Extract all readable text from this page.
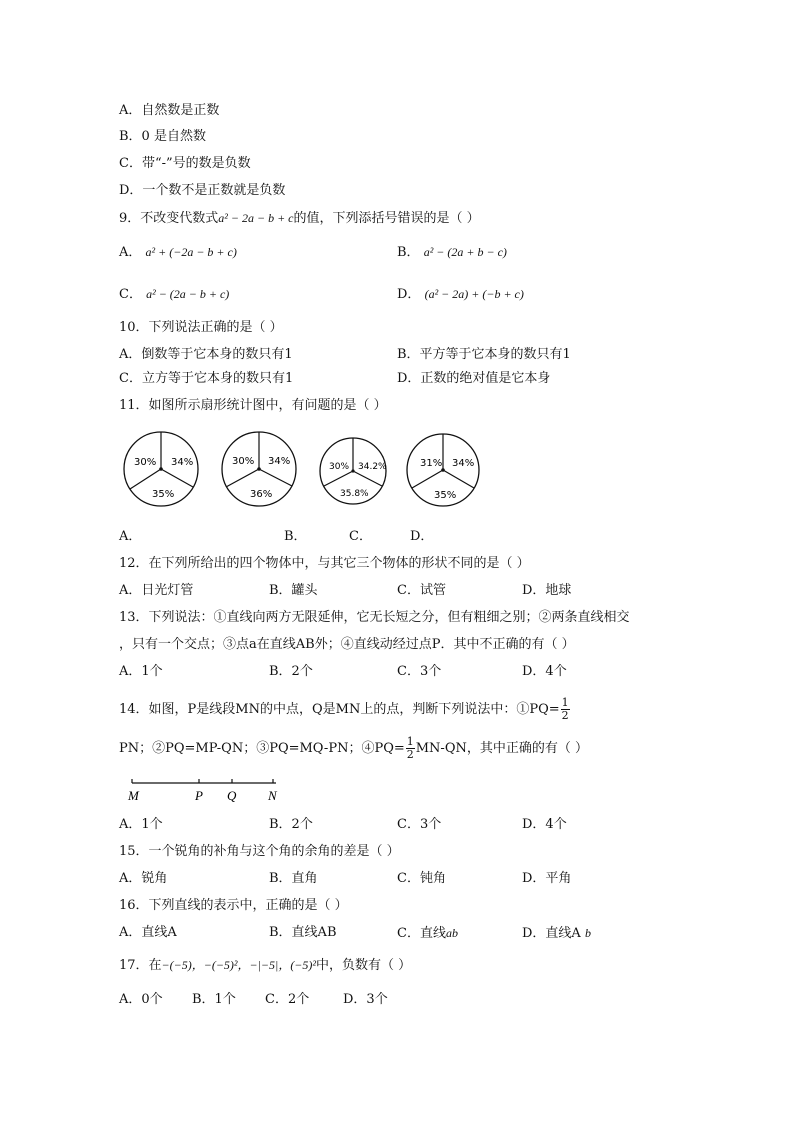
A．自然数是正数
B．0 是自然数
C．带“-”号的数是负数
D．一个数不是正数就是负数
9．不改变代数式a² − 2a − b + c的值，下列添括号错误的是（ ）
A． a² + (−2a − b + c)	B． a² − (2a + b − c)
C． a² − (2a − b + c)	D． (a² − 2a) + (−b + c)
10．下列说法正确的是（ ）
A．倒数等于它本身的数只有1	B．平方等于它本身的数只有1
C．立方等于它本身的数只有1	D．正数的绝对值是它本身
11．如图所示扇形统计图中，有问题的是（ ）
30% 34%
35%
30% 34%
36%
30% 34.2%
35.8%
31% 34%
35%
A．	B．	C．	D．
12．在下列所给出的四个物体中，与其它三个物体的形状不同的是（ ）
A．日光灯管	B．罐头	C．试管	D．地球
13．下列说法：①直线向两方无限延伸，它无长短之分，但有粗细之别；②两条直线相交
，只有一个交点；③点a在直线AB外；④直线动经过点P．其中不正确的有（ ）
A．1个	B．2个	C．3个	D．4个
14．如图，P是线段MN的中点，Q是MN上的点，判断下列说法中：①PQ= $\frac{1}{2}$
PN；②PQ=MP-QN；③PQ=MQ-PN；④PQ= $\frac{1}{2} MN-QN$，其中正确的有（ ）
M	P Q N
A．1个	B．2个	C．3个	D．4个
15．一个锐角的补角与这个角的余角的差是（ ）
A．锐角	B．直角	C．钝角	D．平角
16．下列直线的表示中，正确的是（ ）
A．直线A	B．直线AB	C．直线ab	D．直线A b
17．在−(−5)，−(−5)²，−|−5|，(−5)²中，负数有（ ）
A．0个 B．1个 C．2个	D．3个
